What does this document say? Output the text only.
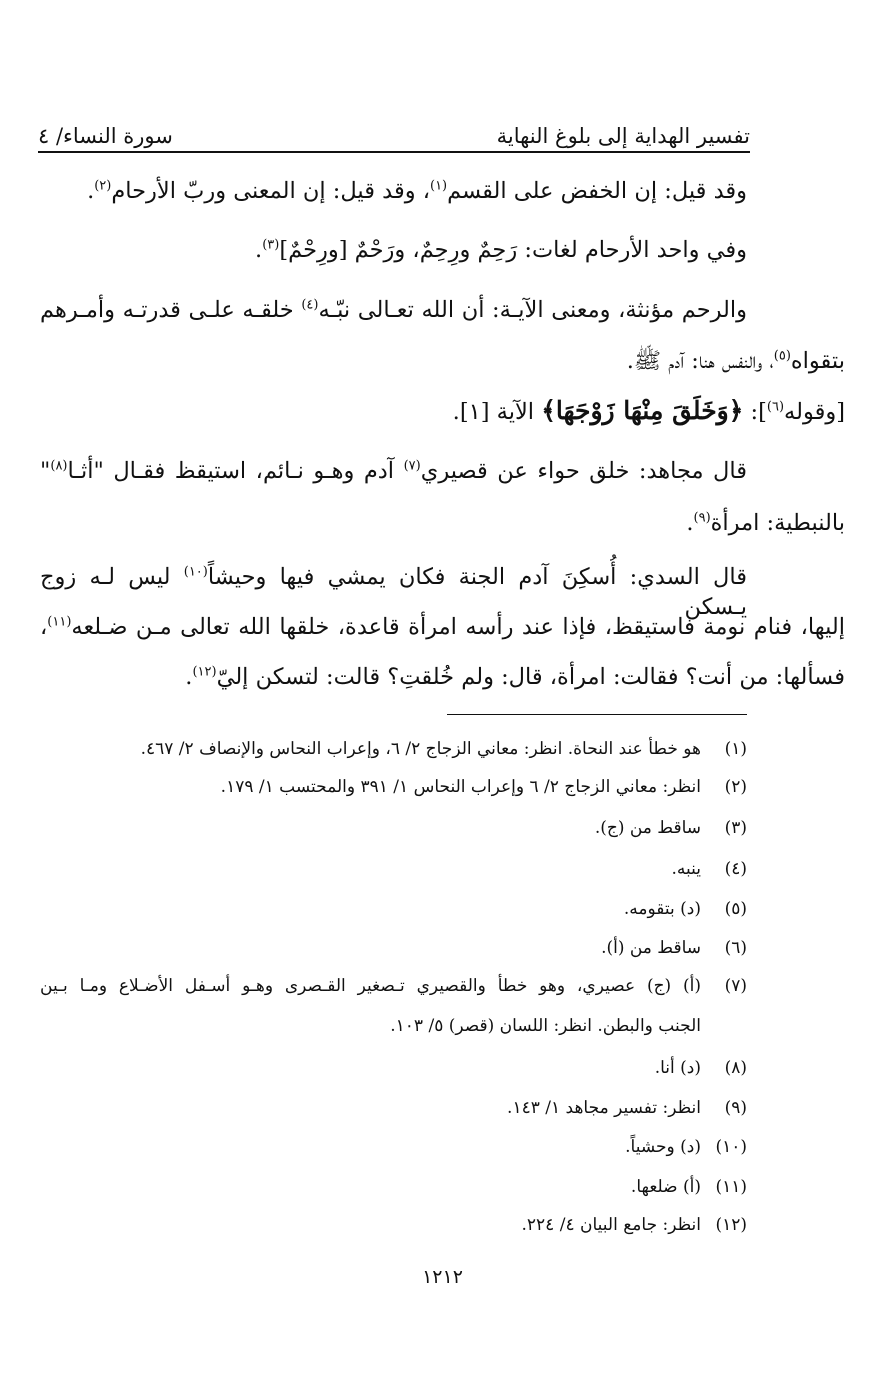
تفسير الهداية إلى بلوغ النهاية
سورة النساء/ ٤
وقد قيل: إن الخفض على القسم$^{(١)}$، وقد قيل: إن المعنى وربّ الأرحام$^{(٢)}$.
وفي واحد الأرحام لغات: رَحِمٌ ورِحِمٌ، ورَحْمٌ [ورِحْمٌ]$^{(٣)}$.
والرحم مؤنثة، ومعنى الآيـة: أن الله تعـالى نبّـه$^{(٤)}$ خلقـه علـى قدرتـه وأمـرهم
بتقواه$^{(٥)}$، والنفس هنا: آدم ﷺ.
[وقوله$^{(٦)}$]: ﴿وَخَلَقَ مِنْهَا زَوْجَهَا﴾ الآية [١].
قال مجاهد: خلق حواء عن قصيري$^{(٧)}$ آدم وهـو نـائم، استيقظ فقـال "أثـا$^{(٨)}$"
بالنبطية: امرأة$^{(٩)}$.
قال السدي: أُسكِنَ آدم الجنة فكان يمشي فيها وحيشاً$^{(١٠)}$ ليس لـه زوج يـسكن
إليها، فنام نومة فاستيقظ، فإذا عند رأسه امرأة قاعدة، خلقها الله تعالى مـن ضـلعه$^{(١١)}$،
فسألها: من أنت؟ فقالت: امرأة، قال: ولم خُلقتِ؟ قالت: لتسكن إليّ$^{(١٢)}$.
(١)هو خطأ عند النحاة. انظر: معاني الزجاج ٢/ ٦، وإعراب النحاس والإنصاف ٢/ ٤٦٧.
(٢)انظر: معاني الزجاج ٢/ ٦ وإعراب النحاس ١/ ٣٩١ والمحتسب ١/ ١٧٩.
(٣)ساقط من (ج).
(٤)ينبه.
(٥)(د) بتقومه.
(٦)ساقط من (أ).
(٧)(أ) (ج) عصيري، وهو خطأ والقصيري تـصغير القـصرى وهـو أسـفل الأضـلاع ومـا بـين
الجنب والبطن. انظر: اللسان (قصر) ٥/ ١٠٣.
(٨)(د) أنا.
(٩)انظر: تفسير مجاهد ١/ ١٤٣.
(١٠)(د) وحشياً.
(١١)(أ) ضلعها.
(١٢)انظر: جامع البيان ٤/ ٢٢٤.
١٢١٢
